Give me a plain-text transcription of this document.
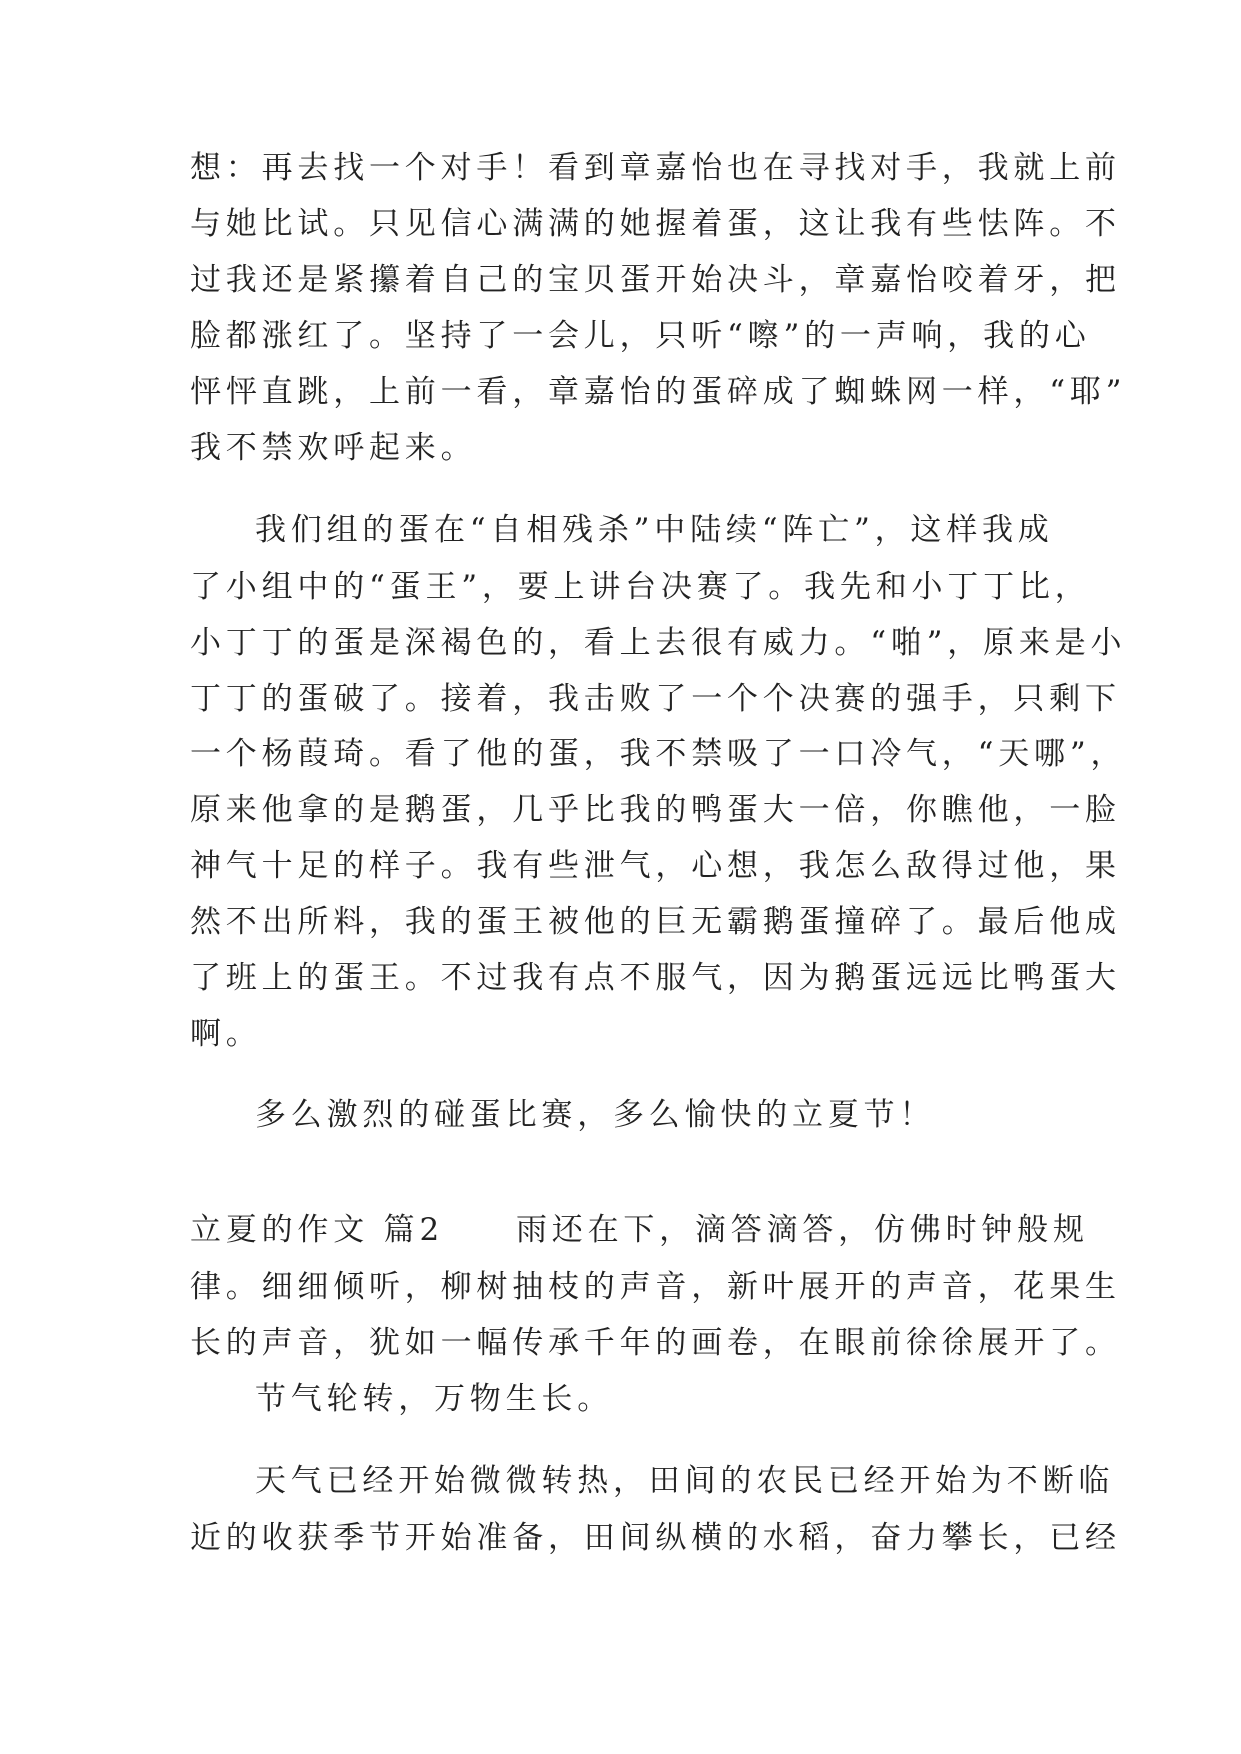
想：再去找一个对手！看到章嘉怡也在寻找对手，我就上前
与她比试。只见信心满满的她握着蛋，这让我有些怯阵。不
过我还是紧攥着自己的宝贝蛋开始决斗，章嘉怡咬着牙，把
脸都涨红了。坚持了一会儿，只听“嚓”的一声响，我的心
怦怦直跳，上前一看，章嘉怡的蛋碎成了蜘蛛网一样，“耶”
我不禁欢呼起来。
我们组的蛋在“自相残杀”中陆续“阵亡”，这样我成
了小组中的“蛋王”，要上讲台决赛了。我先和小丁丁比，
小丁丁的蛋是深褐色的，看上去很有威力。“啪”，原来是小
丁丁的蛋破了。接着，我击败了一个个决赛的强手，只剩下
一个杨葭琦。看了他的蛋，我不禁吸了一口冷气，“天哪”，
原来他拿的是鹅蛋，几乎比我的鸭蛋大一倍，你瞧他，一脸
神气十足的样子。我有些泄气，心想，我怎么敌得过他，果
然不出所料，我的蛋王被他的巨无霸鹅蛋撞碎了。最后他成
了班上的蛋王。不过我有点不服气，因为鹅蛋远远比鸭蛋大
啊。
多么激烈的碰蛋比赛，多么愉快的立夏节！
立夏的作文 篇2 雨还在下，滴答滴答，仿佛时钟般规
律。细细倾听，柳树抽枝的声音，新叶展开的声音，花果生
长的声音，犹如一幅传承千年的画卷，在眼前徐徐展开了。
节气轮转，万物生长。
天气已经开始微微转热，田间的农民已经开始为不断临
近的收获季节开始准备，田间纵横的水稻，奋力攀长，已经
